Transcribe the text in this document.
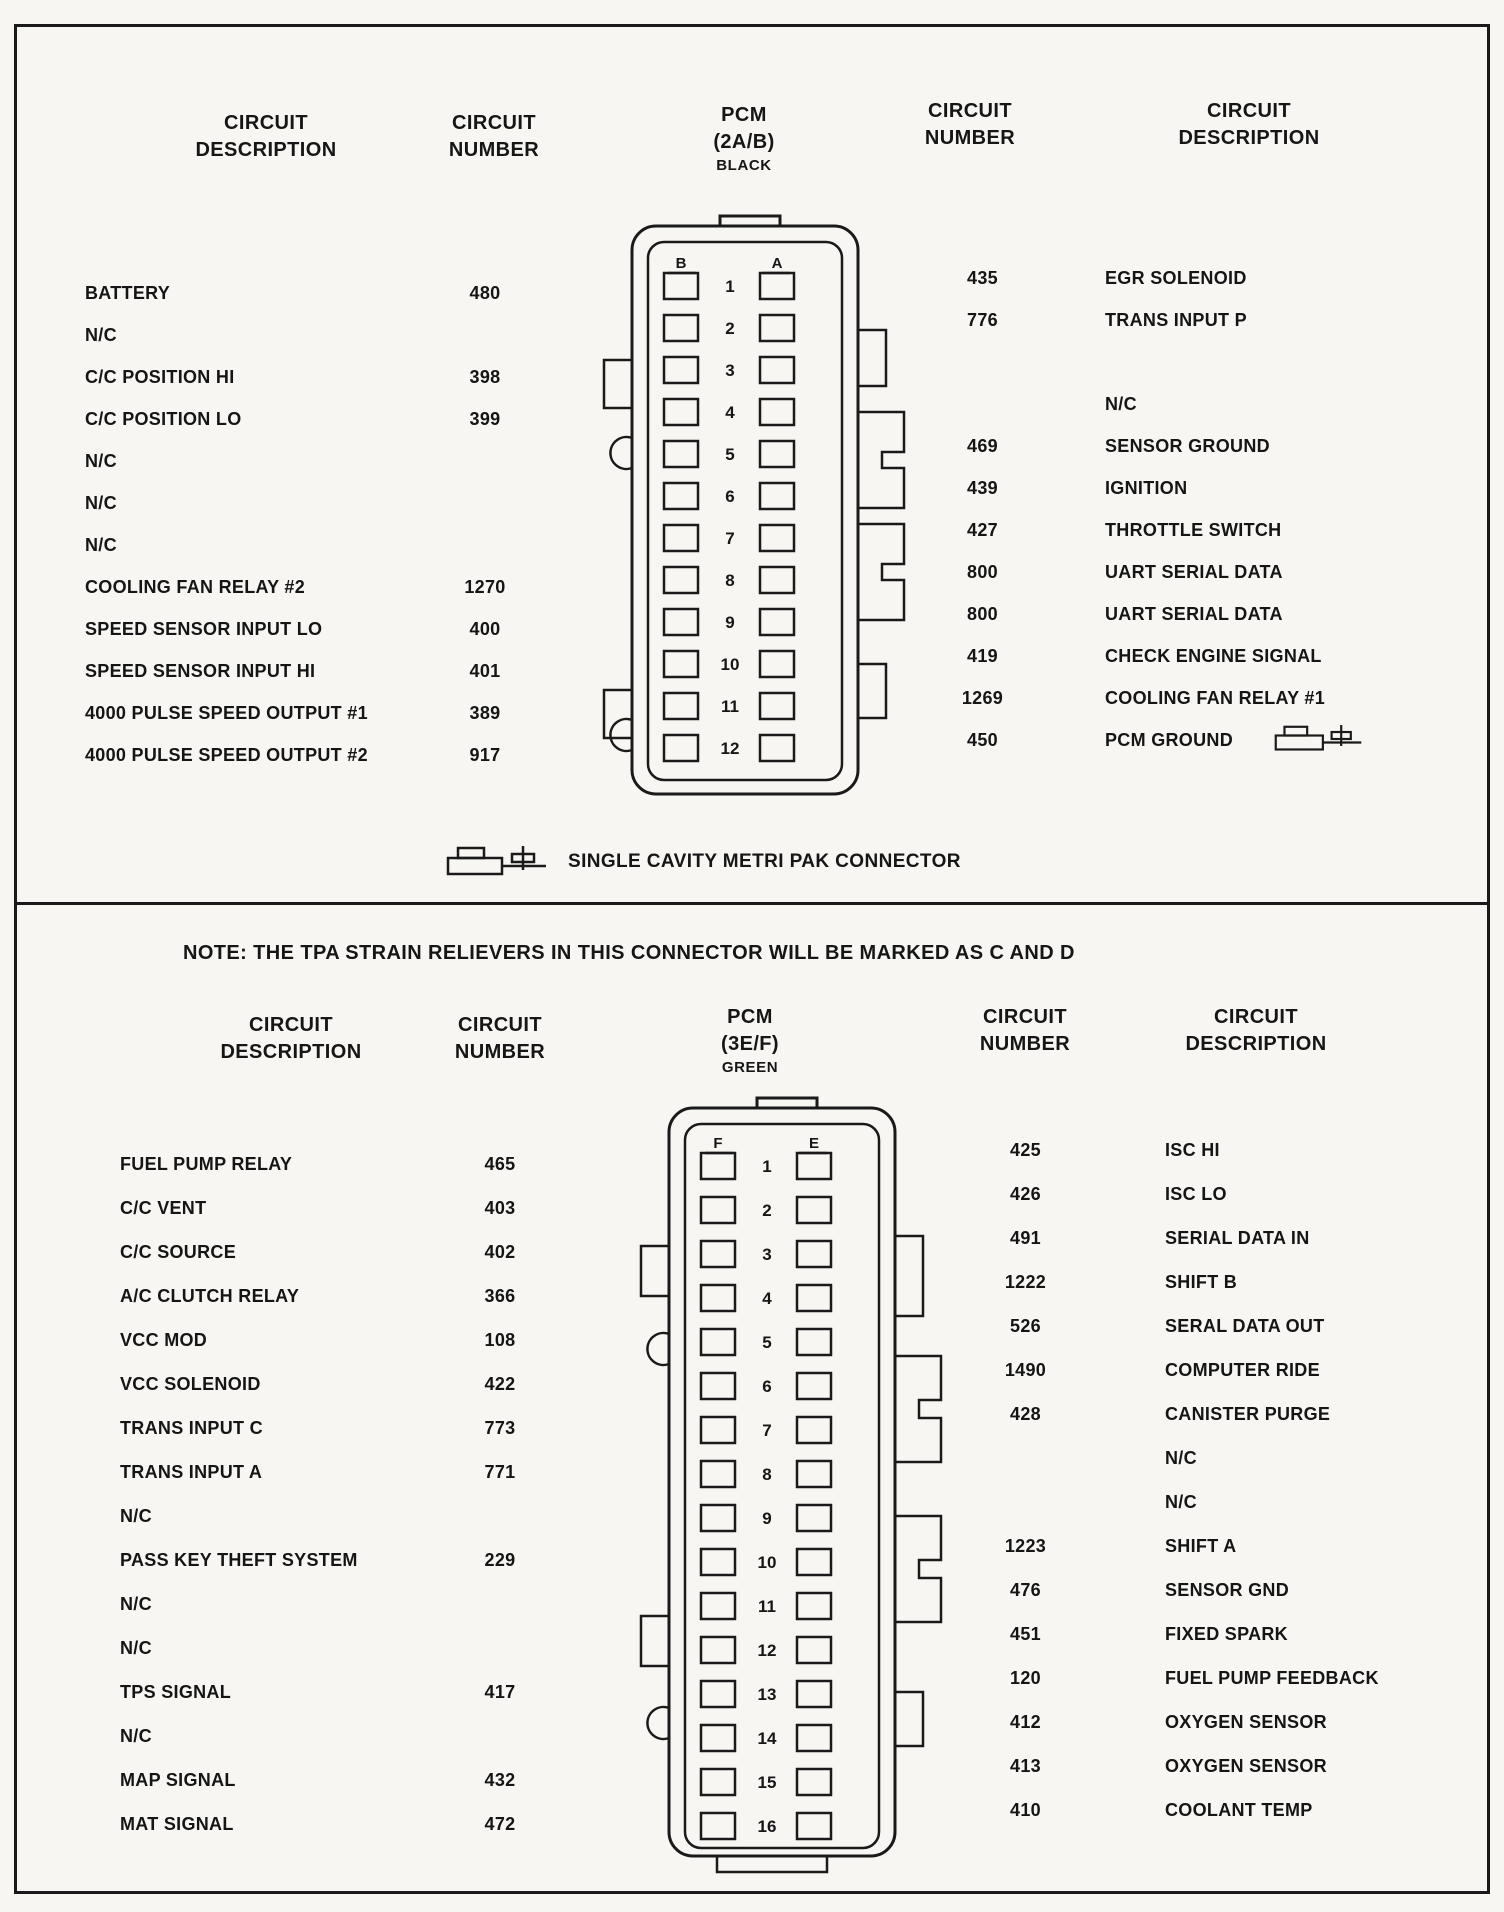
CIRCUIT
DESCRIPTION
CIRCUIT
NUMBER
PCM
(2A/B)
BLACK
CIRCUIT
NUMBER
CIRCUIT
DESCRIPTION
BATTERY	480
N/C
C/C POSITION HI	398
C/C POSITION LO	399
N/C
N/C
N/C
COOLING FAN RELAY #2	1270
SPEED SENSOR INPUT LO	400
SPEED SENSOR INPUT HI	401
4000 PULSE SPEED OUTPUT #1	389
4000 PULSE SPEED OUTPUT #2	917
435	EGR SOLENOID
776	TRANS INPUT P
N/C
469	SENSOR GROUND
439	IGNITION
427	THROTTLE SWITCH
800	UART SERIAL DATA
800	UART SERIAL DATA
419	CHECK ENGINE SIGNAL
1269	COOLING FAN RELAY #1
450	PCM GROUND
B	A
1
2
3
4
5
6
7
8
9
10
11
12
SINGLE CAVITY METRI PAK CONNECTOR
NOTE: THE TPA STRAIN RELIEVERS IN THIS CONNECTOR WILL BE MARKED AS C AND D
CIRCUIT
DESCRIPTION
CIRCUIT
NUMBER
PCM
(3E/F)
GREEN
CIRCUIT
NUMBER
CIRCUIT
DESCRIPTION
FUEL PUMP RELAY	465
C/C VENT	403
C/C SOURCE	402
A/C CLUTCH RELAY	366
VCC MOD	108
VCC SOLENOID	422
TRANS INPUT C	773
TRANS INPUT A	771
N/C
PASS KEY THEFT SYSTEM	229
N/C
N/C
TPS SIGNAL	417
N/C
MAP SIGNAL	432
MAT SIGNAL	472
425	ISC HI
426	ISC LO
491	SERIAL DATA IN
1222	SHIFT B
526	SERAL DATA OUT
1490	COMPUTER RIDE
428	CANISTER PURGE
N/C
N/C
1223	SHIFT A
476	SENSOR GND
451	FIXED SPARK
120	FUEL PUMP FEEDBACK
412	OXYGEN SENSOR
413	OXYGEN SENSOR
410	COOLANT TEMP
F	E
1
2
3
4
5
6
7
8
9
10
11
12
13
14
15
16
